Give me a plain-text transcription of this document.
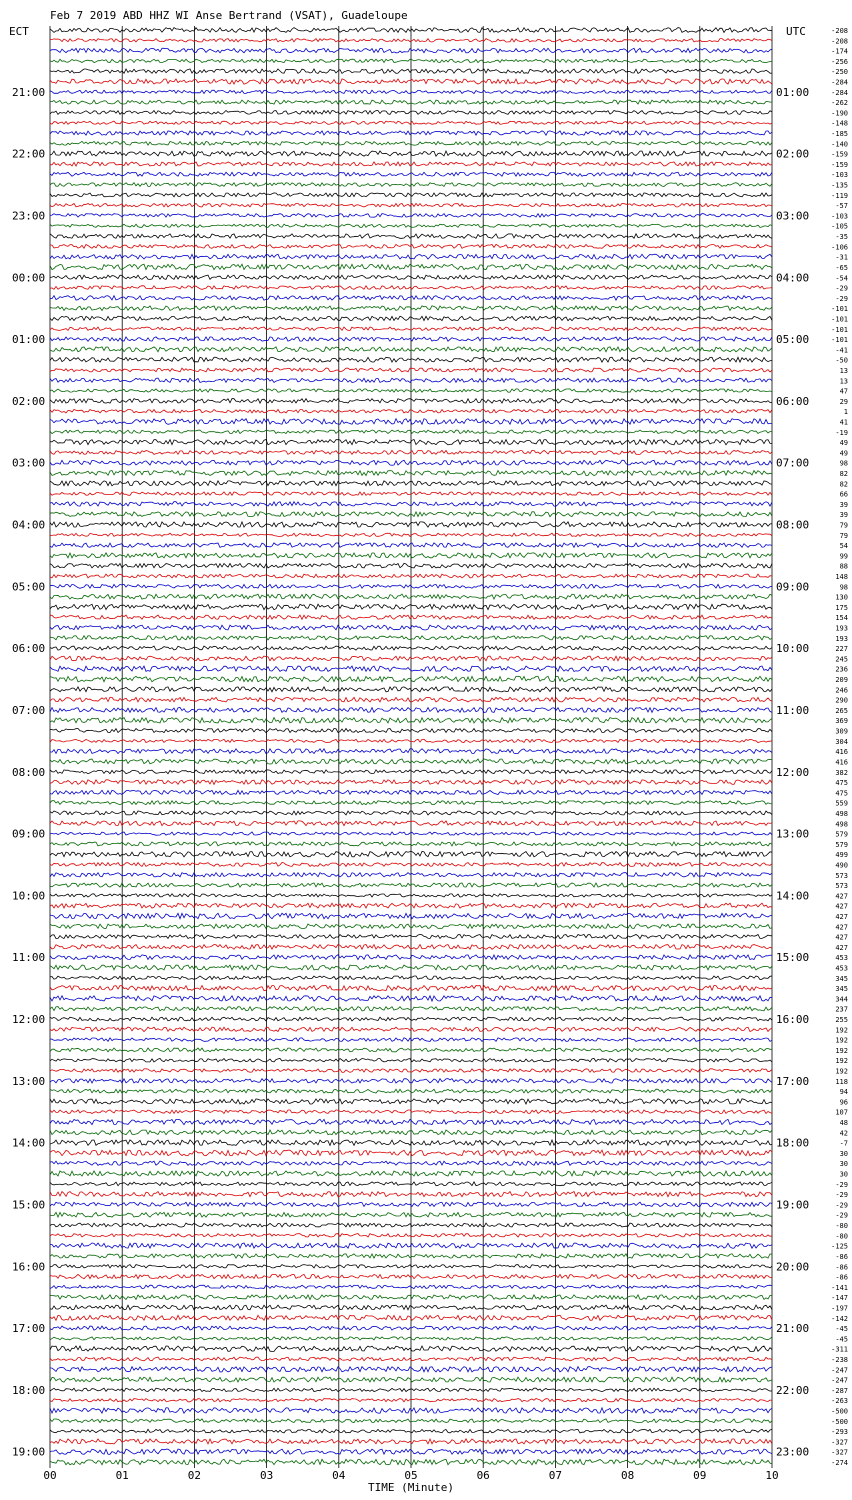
Feb 7 2019 ABD HHZ WI Anse Bertrand (VSAT), Guadeloupe
ECT	UTC
21:00	01:00
22:00	02:00
23:00	03:00
00:00	04:00
01:00	05:00
02:00	06:00
03:00	07:00
04:00	08:00
05:00	09:00
06:00	10:00
07:00	11:00
08:00	12:00
09:00	13:00
10:00	14:00
11:00	15:00
12:00	16:00
13:00	17:00
14:00	18:00
15:00	19:00
16:00	20:00
17:00	21:00
18:00	22:00
19:00	23:00
-208
-208
-174
-256
-250
-284
-284
-262
-190
-148
-185
-140
-159
-159
-103
-135
-119
-57
-103
-105
-35
-106
-31
-65
-54
-29
-29
-101
-101
-101
-101
-41
-50
13
13
47
29
1
41
-19
49
49
98
82
82
66
39
39
79
79
54
99
88
148
98
130
175
154
193
193
227
245
236
209
246
290
265
369
309
304
416
416
382
475
475
559
498
498
579
579
499
490
573
573
427
427
427
427
427
427
453
453
345
345
344
237
255
192
192
192
192
192
118
94
96
107
48
42
-7
30
30
30
-29
-29
-29
-29
-80
-80
-125
-86
-86
-86
-141
-147
-197
-142
-45
-45
-311
-238
-247
-247
-287
-263
-500
-500
-293
-327
-327
-274
00	01	02	03	04	05	06	07	08	09	10
TIME (Minute)
